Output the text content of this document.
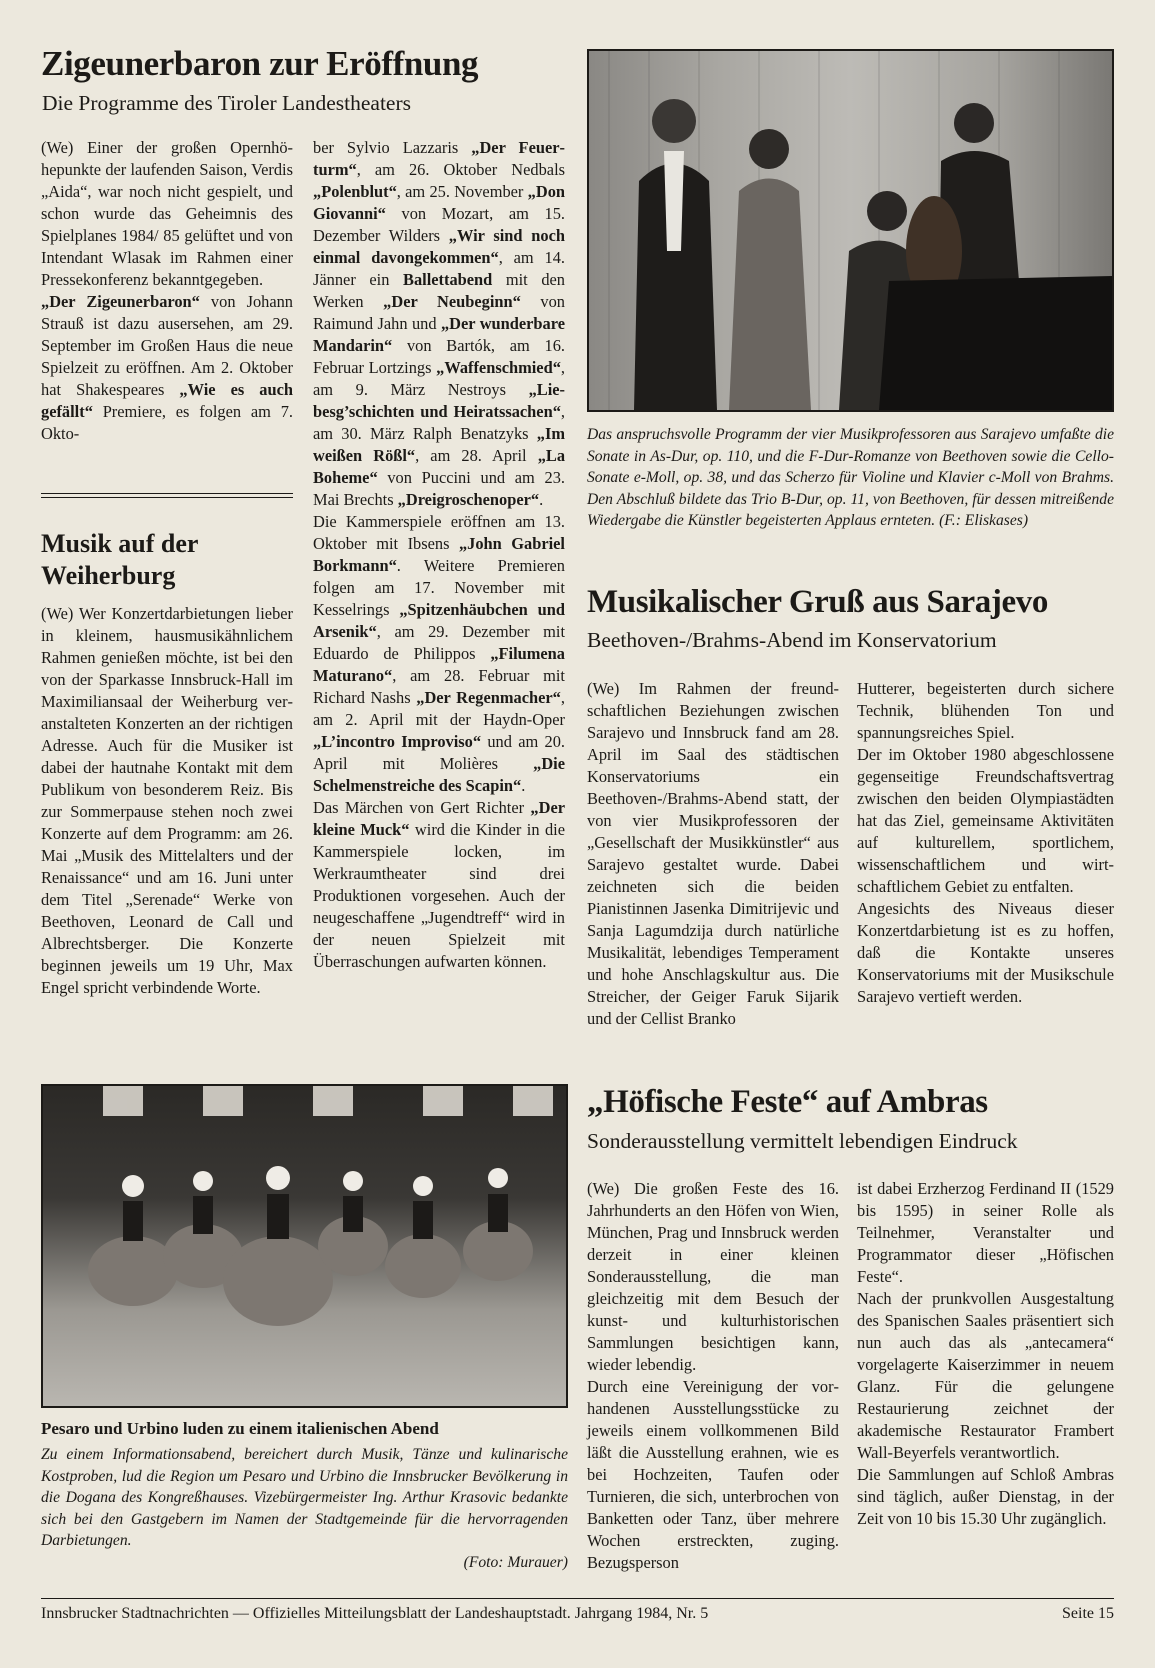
Zigeunerbaron zur Eröffnung
Die Programme des Tiroler Landestheaters

(We) Einer der großen Opernhöhepunkte der laufenden Saison, Verdis „Aida“, war noch nicht gespielt, und schon wurde das Geheimnis des Spielplanes 1984/ 85 gelüftet und von Intendant Wlasak im Rahmen einer Pressekonferenz bekanntgegeben.

„Der Zigeunerbaron“ von Johann Strauß ist dazu ausersehen, am 29. September im Großen Haus die neue Spielzeit zu eröffnen. Am 2. Oktober hat Shakespeares „Wie es auch gefällt“ Premiere, es folgen am 7. Okto-

ber Sylvio Lazzaris „Der Feuerturm“, am 26. Oktober Nedbals „Polenblut“, am 25. November „Don Giovanni“ von Mozart, am 15. Dezember Wilders „Wir sind noch einmal davongekommen“, am 14. Jänner ein Ballettabend mit den Werken „Der Neubeginn“ von Raimund Jahn und „Der wunderbare Mandarin“ von Bartók, am 16. Februar Lortzings „Waffenschmied“, am 9. März Nestroys „Liebesg’schichten und Heiratssachen“, am 30. März Ralph Benatzyks „Im weißen Rößl“, am 28. April „La Boheme“ von Puccini und am 23. Mai Brechts „Dreigroschenoper“.

Die Kammerspiele eröffnen am 13. Oktober mit Ibsens „John Gabriel Borkmann“. Weitere Premieren folgen am 17. November mit Kesselrings „Spitzenhäubchen und Arsenik“, am 29. Dezember mit Eduardo de Philippos „Filumena Maturano“, am 28. Februar mit Richard Nashs „Der Regenmacher“, am 2. April mit der Haydn-Oper „L’incontro Improviso“ und am 20. April mit Molières „Die Schelmenstreiche des Scapin“.

Das Märchen von Gert Richter „Der kleine Muck“ wird die Kinder in die Kammerspiele locken, im Werkraumtheater sind drei Produktionen vorgesehen. Auch der neugeschaffene „Jugendtreff“ wird in der neuen Spielzeit mit Überraschungen aufwarten können.

Musik auf der Weiherburg

(We) Wer Konzertdarbietungen lieber in kleinem, hausmusikähnlichem Rahmen genießen möchte, ist bei den von der Sparkasse Innsbruck-Hall im Maximiliansaal der Weiherburg veranstalteten Konzerten an der richtigen Adresse. Auch für die Musiker ist dabei der hautnahe Kontakt mit dem Publikum von besonderem Reiz. Bis zur Sommerpause stehen noch zwei Konzerte auf dem Programm: am 26. Mai „Musik des Mittelalters und der Renaissance“ und am 16. Juni unter dem Titel „Serenade“ Werke von Beethoven, Leonard de Call und Albrechtsberger. Die Konzerte beginnen jeweils um 19 Uhr, Max Engel spricht verbindende Worte.

Das anspruchsvolle Programm der vier Musikprofessoren aus Sarajevo umfaßte die Sonate in As-Dur, op. 110, und die F-Dur-Romanze von Beethoven sowie die Cello-Sonate e-Moll, op. 38, und das Scherzo für Violine und Klavier c-Moll von Brahms. Den Abschluß bildete das Trio B-Dur, op. 11, von Beethoven, für dessen mitreißende Wiedergabe die Künstler begeisterten Applaus ernteten. (F.: Eliskases)
Musikalischer Gruß aus Sarajevo
Beethoven-/Brahms-Abend im Konservatorium

(We) Im Rahmen der freundschaftlichen Beziehungen zwischen Sarajevo und Innsbruck fand am 28. April im Saal des städtischen Konservatoriums ein Beethoven-/Brahms-Abend statt, der von vier Musikprofessoren der „Gesellschaft der Musikkünstler“ aus Sarajevo gestaltet wurde. Dabei zeichneten sich die beiden Pianistinnen Jasenka Dimitrijevic und Sanja Lagumdzija durch natürliche Musikalität, lebendiges Temperament und hohe Anschlagskultur aus. Die Streicher, der Geiger Faruk Sijarik und der Cellist Branko

Hutterer, begeisterten durch sichere Technik, blühenden Ton und spannungsreiches Spiel.

Der im Oktober 1980 abgeschlossene gegenseitige Freundschaftsvertrag zwischen den beiden Olympiastädten hat das Ziel, gemeinsame Aktivitäten auf kulturellem, sportlichem, wissenschaftlichem und wirtschaftlichem Gebiet zu entfalten.

Angesichts des Niveaus dieser Konzertdarbietung ist es zu hoffen, daß die Kontakte unseres Konservatoriums mit der Musikschule Sarajevo vertieft werden.

„Höfische Feste“ auf Ambras
Sonderausstellung vermittelt lebendigen Eindruck

(We) Die großen Feste des 16. Jahrhunderts an den Höfen von Wien, München, Prag und Innsbruck werden derzeit in einer kleinen Sonderausstellung, die man gleichzeitig mit dem Besuch der kunst- und kulturhistorischen Sammlungen besichtigen kann, wieder lebendig.

Durch eine Vereinigung der vorhandenen Ausstellungsstücke zu jeweils einem vollkommenen Bild läßt die Ausstellung erahnen, wie es bei Hochzeiten, Taufen oder Turnieren, die sich, unterbrochen von Banketten oder Tanz, über mehrere Wochen erstreckten, zuging. Bezugsperson

ist dabei Erzherzog Ferdinand II (1529 bis 1595) in seiner Rolle als Teilnehmer, Veranstalter und Programmator dieser „Höfischen Feste“.

Nach der prunkvollen Ausgestaltung des Spanischen Saales präsentiert sich nun auch das als „antecamera“ vorgelagerte Kaiserzimmer in neuem Glanz. Für die gelungene Restaurierung zeichnet der akademische Restaurator Frambert Wall-Beyerfels verantwortlich.

Die Sammlungen auf Schloß Ambras sind täglich, außer Dienstag, in der Zeit von 10 bis 15.30 Uhr zugänglich.

Pesaro und Urbino luden zu einem italienischen Abend
Zu einem Informationsabend, bereichert durch Musik, Tänze und kulinarische Kostproben, lud die Region um Pesaro und Urbino die Innsbrucker Bevölkerung in die Dogana des Kongreßhauses. Vizebürgermeister Ing. Arthur Krasovic bedankte sich bei den Gastgebern im Namen der Stadtgemeinde für die hervorragenden Darbietungen.
(Foto: Murauer)
Innsbrucker Stadtnachrichten — Offizielles Mitteilungsblatt der Landeshauptstadt. Jahrgang 1984, Nr. 5	Seite 15
